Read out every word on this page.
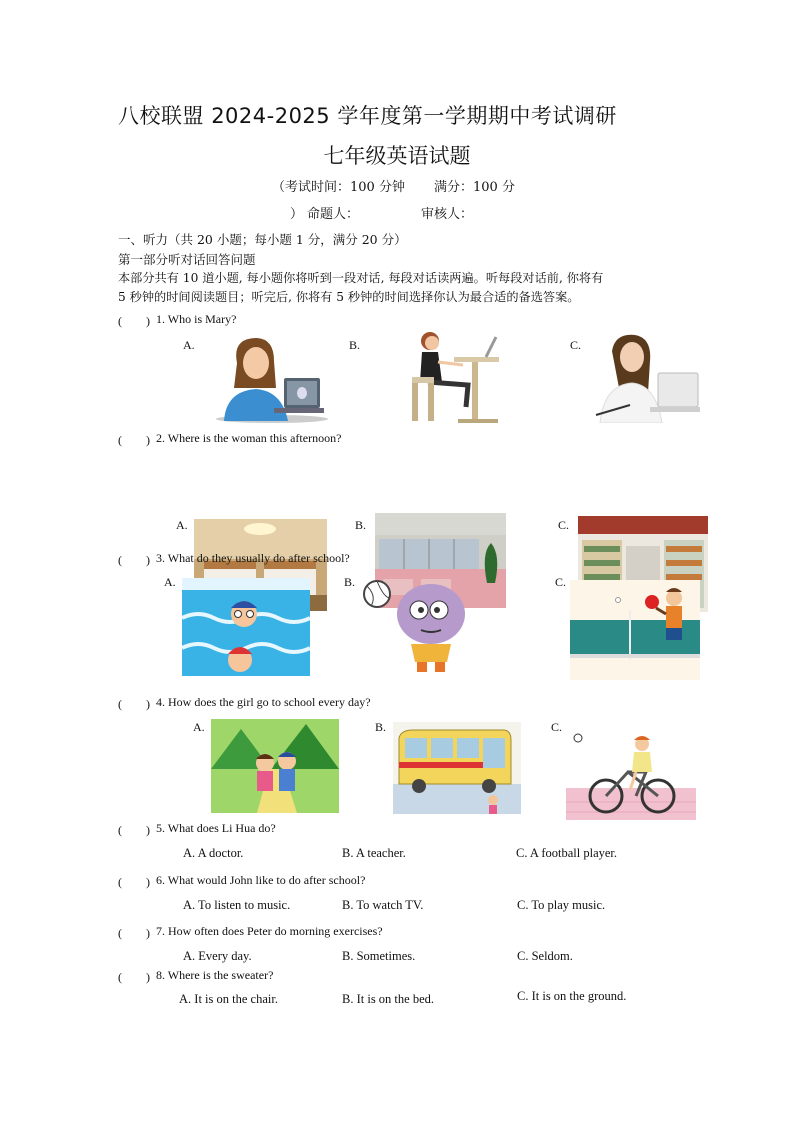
八校联盟 2024-2025 学年度第一学期期中考试调研
七年级英语试题
（考试时间：100 分钟 满分：100 分
） 命题人：	审核人：
一、听力（共 20 小题；每小题 1 分，满分 20 分）
第一部分听对话回答问题
本部分共有 10 道小题, 每小题你将听到一段对话, 每段对话读两遍。听每段对话前, 你将有
5 秒钟的时间阅读题目；听完后, 你将有 5 秒钟的时间选择你认为最合适的备选答案。
(　　) 1. Who is Mary?
A.	B.	C.
(　　) 2. Where is the woman this afternoon?
A.	B.	C.
(　　) 3. What do they usually do after school?
A.	B.	C.
(　　) 4. How does the girl go to school every day?
A.	B.	C.
(　　) 5. What does Li Hua do?
A. A doctor.	B. A teacher.	C. A football player.
(　　) 6. What would John like to do after school?
A. To listen to music.	B. To watch TV.	C. To play music.
(　　) 7. How often does Peter do morning exercises?
A. Every day.	B. Sometimes.	C. Seldom.
(　　) 8. Where is the sweater?
A. It is on the chair.	B. It is on the bed.	C. It is on the ground.
